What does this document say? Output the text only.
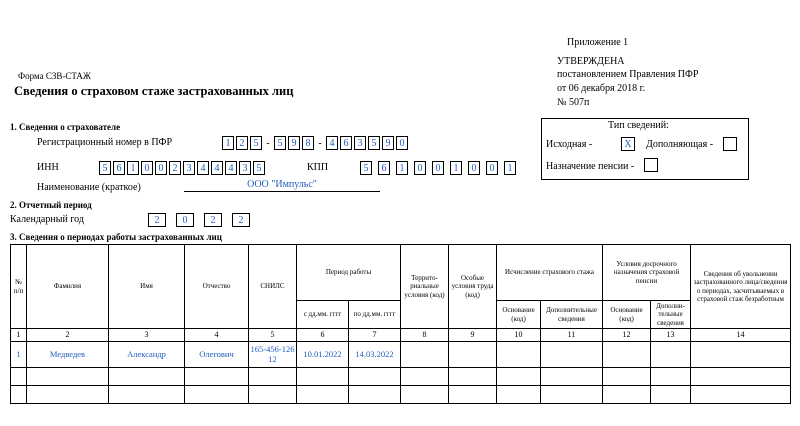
Приложение 1
УТВЕРЖДЕНА
постановлением Правления ПФР
от 06 декабря 2018 г.
№ 507п
Форма СЗВ-СТАЖ
Сведения о страховом стаже застрахованных лиц
1. Сведения о страхователе
Регистрационный номер в ПФР	1 2 5 - 5 9 8 - 4 6 3 5 9 0
ИНН	5 6 1 0 0 2 3 4 4 4 3 5	КПП	5	6	1	0	0	1	0	0	1
Наименование (краткое)	ООО "Импульс"
Тип сведений:
Исходная -	X	Дополняющая -
Назначение пенсии -
2. Отчетный период
Календарный год	2	0	2	2
3. Сведения о периодах работы застрахованных лиц
№ п/п	Фамилия	Имя	Отчество	СНИЛС	Период работы		Террито-риальные условия (код)	Особые условия труда (код)	Исчисление страхового стажа		Условия досрочного назначения страховой пенсии		Сведения об увольнении застрахованного лица/сведения о периодах, засчитываемых в страховой стаж безработным
					с дд.мм. гггг	по дд.мм. гггг			Основание (код)	Дополнительные сведения	Основание (код)	Дополни-тельные сведения	
1	2	3	4	5	6	7	8	9	10	11	12	13	14
1	Медведев	Александр	Олегович	165-456-126 12	10.01.2022	14.03.2022							
